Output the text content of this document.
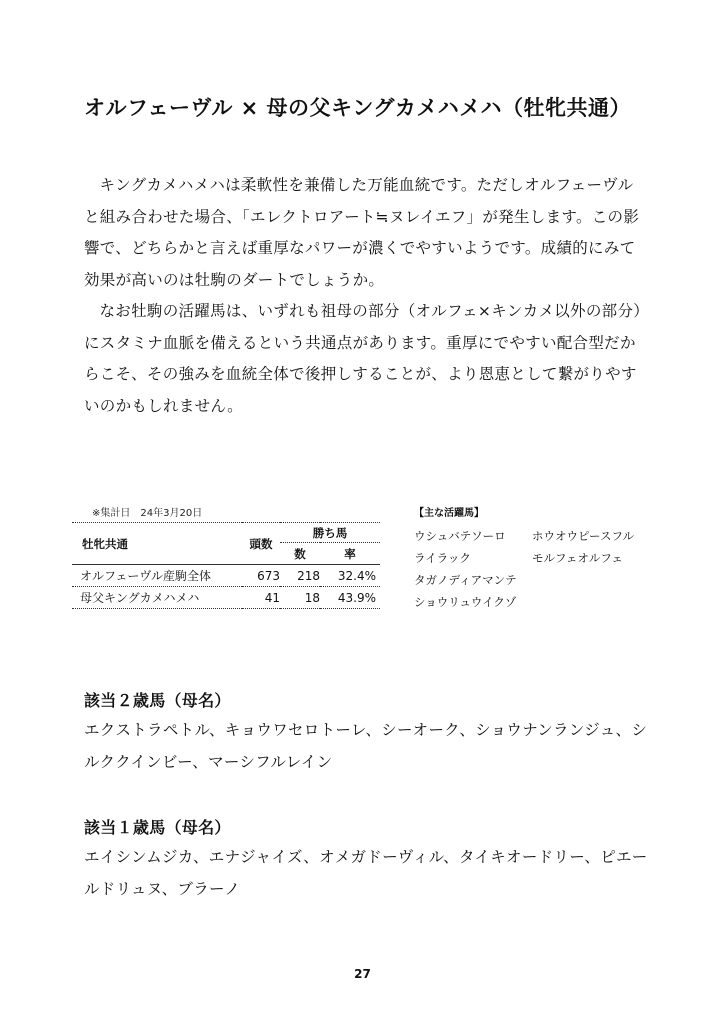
オルフェーヴル × 母の父キングカメハメハ（牡牝共通）

キングカメハメハは柔軟性を兼備した万能血統です。ただしオルフェーヴルと組み合わせた場合、「エレクトロアート≒ヌレイエフ」が発生します。この影響で、どちらかと言えば重厚なパワーが濃くでやすいようです。成績的にみて効果が高いのは牡駒のダートでしょうか。

なお牡駒の活躍馬は、いずれも祖母の部分（オルフェ×キンカメ以外の部分）にスタミナ血脈を備えるという共通点があります。重厚にでやすい配合型だからこそ、その強みを血統全体で後押しすることが、より恩恵として繋がりやすいのかもしれません。

※集計日　24年3月20日
牡牝共通	頭数	勝ち馬	
		数	率
オルフェーヴル産駒全体	673	218	32.4%
母父キングカメハメハ	41	18	43.9%
【主な活躍馬】
ウシュバテソーロ	ホウオウピースフル
ライラック	モルフェオルフェ
タガノディアマンテ
ショウリュウイクゾ
該当２歳馬（母名）
エクストラペトル、キョウワセロトーレ、シーオーク、ショウナンランジュ、シルククインビー、マーシフルレイン
該当１歳馬（母名）
エイシンムジカ、エナジャイズ、オメガドーヴィル、タイキオードリー、ピエールドリュヌ、ブラーノ
27
